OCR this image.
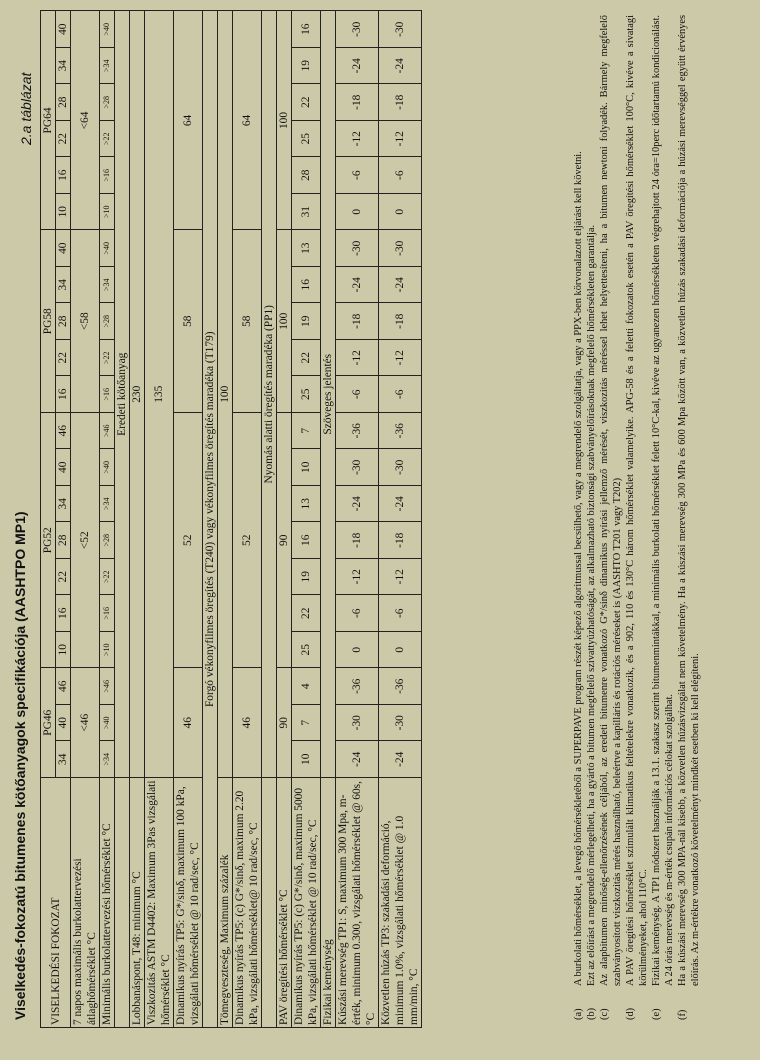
Viselkedés-fokozatú bitumenes kötőanyagok specifikációja (AASHTPO MP1)
2.a táblázat
VISELKEDÉSI FOKOZAT	PG46			PG52							PG58					PG64					
	34	40	46	10	16	22	28	34	40	46	16	22	28	34	40	10	16	22	28	34	40
7 napos maximális burkolattervezési átlaghőmérséklet °C	<46			<52							<58					<64					
Minimális burkolattervezési hőmérséklet °C	>34	>40	>46	>10	>16	>22	>28	>34	>40	>46	>16	>22	>28	>34	>40	>10	>16	>22	>28	>34	>40
	Eredeti kötőanyag																				
Lobbanáspont, T48: minimum °C	230																				
Viszkozitás ASTM D4402: Maximum 3Pas vizsgálati hőmérséklet °C	135																				
Dinamikus nyírás TP5: G*/sinδ, maximum 100 kPa, vizsgálati hőmérséklet @ 10 rad/sec, °C	46			52							58					64					
Forgó vékonyfilmes öregítés (T240) vagy vékonyfilmes öregítés maradéka (T179)																					
Tömegveszteség, Maximum százalék	100																				
Dinamikus nyírás TP5: (c) G*/sinδ, maximum 2.20 kPa, vizsgálati hőmérséklet@ 10 rad/sec, °C	46			52							58					64					
	Nyomás alatti öregítés maradéka (PP1)																				
PAV öregítési hőmérséklet °C	90			90							100					100					
Dinamikus nyírás TP5: (c) G*/sinδ, maximum 5000 kPa, vizsgálati hőmérséklet @ 10 rad/sec, °C	10	7	4	25	22	19	16	13	10	7	25	22	19	16	13	31	28	25	22	19	16
Fizikai keménység	Szöveges jelentés																				
Kúszási merevség TP1: S, maximum 300 Mpa, m-érték, minimum 0.300, vizsgálati hőmérséklet @ 60s, °C	-24	-30	-36	0	-6	-12	-18	-24	-30	-36	-6	-12	-18	-24	-30	0	-6	-12	-18	-24	-30
Közvetlen húzás TP3: szakadási deformáció, minimum 1.0%, vizsgálati hőmérséklet @ 1.0 mm/min, °C	-24	-30	-36	0	-6	-12	-18	-24	-30	-36	-6	-12	-18	-24	-30	0	-6	-12	-18	-24	-30
(a)
A burkolati hőmérséklet, a levegő hőmérsékletéből a SUPERPAVE program részét képező algoritmussal becsülhető, vagy a megrendelő szolgáltatja, vagy a PPX-ben körvonalazott eljárást kell követni.
(b)
Ezt az előírást a megrendelő mérlegelheti, ha a gyártó a bitumen megfelelő szivattyúzhatóságát, az alkalmazható biztonsági szabványelőírásoknak megfelelő hőmérsékleten garantálja.
(c)
Az alapbitumen minőség-ellenőrzésének céljából, az eredeti bitumenre vonatkozó G*/sinδ dinamikus nyírási jellemző mérését, viszkozitás méréssel lehet helyettesíteni, ha a bitumen newtoni folyadék. Bármely megfelelő szabványosított viszkozitás mérés használható, beleértve a kapilláris és rotációs méréseket is (AASHTO T201 vagy T202)
(d)
A PAV öregítési hőmérséklet szimulált klimatikus feltételekre vonatkozik, és a 902, 110 és 130°C három hőmérséklet valamelyike. APG-58 és a feletti fokozatok esetén a PAV öregítési hőmérséklet 100°C, kivéve a sivatagi körülményeket, ahol 110°C.
(e)
Fizikai keménység. A TP1 módszert használják a 13.1. szakasz szerint bitumenmintákkal, a minimális burkolati hőmérséklet felett 10°C-kal, kivéve az ugyanezen hőmérsékleten végrehajtott 24 óra=10perc időtartamú kondicionálást. A 24 órás merevség és m-érték csupán információs célokat szolgálhat.
(f)
Ha a kúszási merevség 300 MPA-nál kisebb, a közvetlen húzásvizsgálat nem követelmény. Ha a kúszási merevség 300 MPa és 600 Mpa között van, a közvetlen húzás szakadási deformációja a húzási merevséggel együtt érvényes előírás. Az m-értékre vonatkozó követelményt mindkét esetben ki kell elégíteni.
